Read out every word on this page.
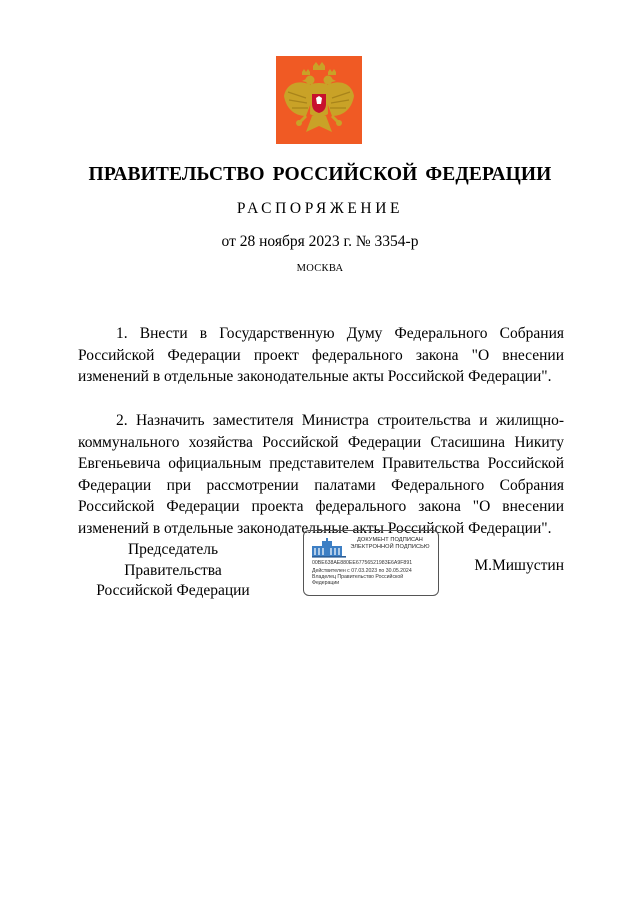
ПРАВИТЕЛЬСТВО РОССИЙСКОЙ ФЕДЕРАЦИИ
РАСПОРЯЖЕНИЕ
от 28 ноября 2023 г. № 3354-р
МОСКВА
1. Внести в Государственную Думу Федерального Собрания Российской Федерации проект федерального закона "О внесении изменений в отдельные законодательные акты Российской Федерации".
2. Назначить заместителя Министра строительства и жилищно-коммунального хозяйства Российской Федерации Стасишина Никиту Евгеньевича официальным представителем Правительства Российской Федерации при рассмотрении палатами Федерального Собрания Российской Федерации проекта федерального закона "О внесении изменений в отдельные законодательные акты Российской Федерации".
Председатель Правительства
Российской Федерации
ДОКУМЕНТ ПОДПИСАН
ЭЛЕКТРОННОЙ ПОДПИСЬЮ
00BE638AE880EE67756521983E6A9F891
Действителен с 07.03.2023 по 30.05.2024
Владелец Правительство Российской
Федерации
М.Мишустин
